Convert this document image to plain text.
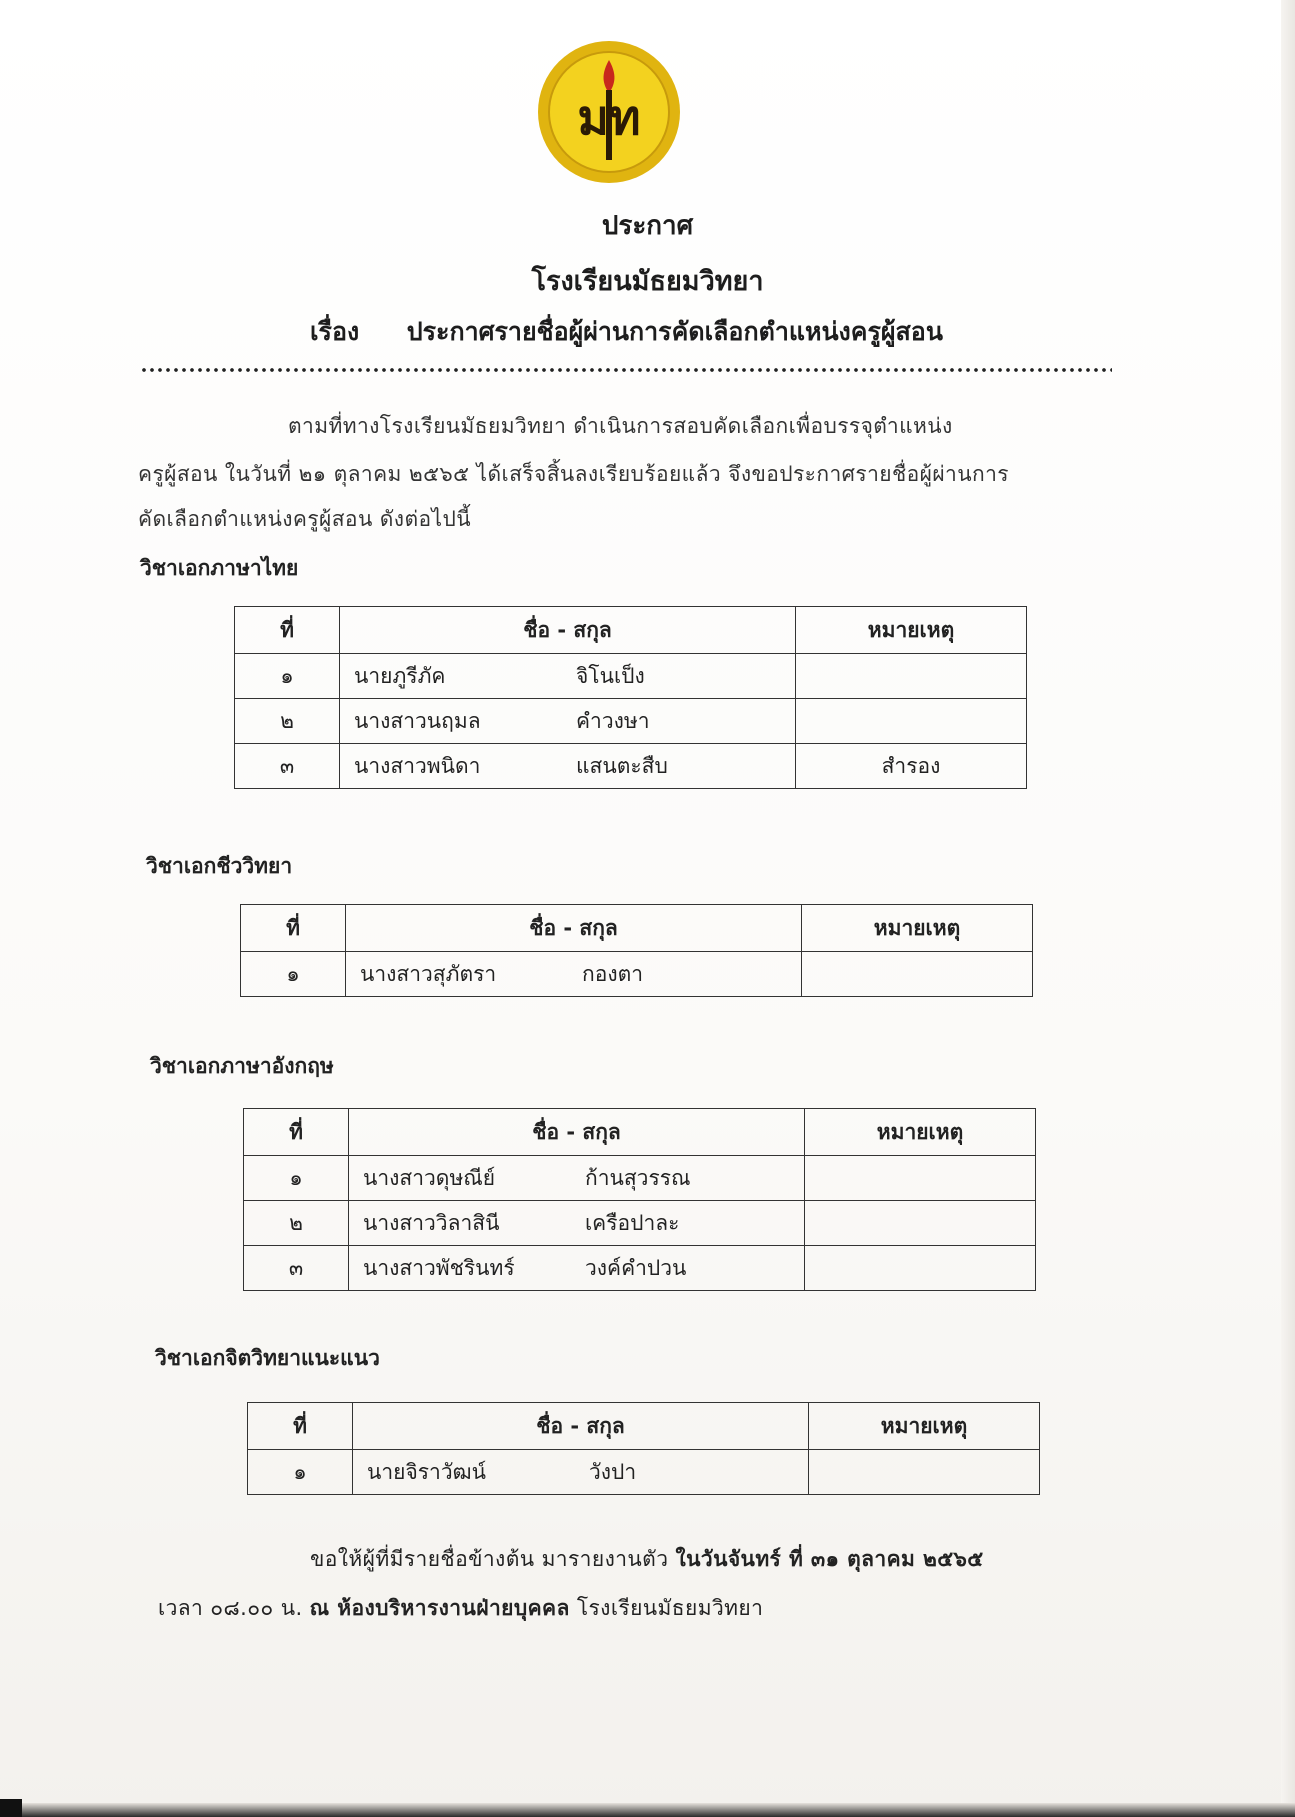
มท
ประกาศ
โรงเรียนมัธยมวิทยา
เรื่อง ประกาศรายชื่อผู้ผ่านการคัดเลือกตำแหน่งครูผู้สอน
ตามที่ทางโรงเรียนมัธยมวิทยา ดำเนินการสอบคัดเลือกเพื่อบรรจุตำแหน่ง
ครูผู้สอน ในวันที่ ๒๑ ตุลาคม ๒๕๖๕ ได้เสร็จสิ้นลงเรียบร้อยแล้ว จึงขอประกาศรายชื่อผู้ผ่านการ
คัดเลือกตำแหน่งครูผู้สอน ดังต่อไปนี้
วิชาเอกภาษาไทย
ที่	ชื่อ - สกุล	หมายเหตุ
๑	นายภูรีภัค จิโนเป็ง	
๒	นางสาวนฤมล คำวงษา	
๓	นางสาวพนิดา แสนตะสืบ	สำรอง
วิชาเอกชีววิทยา
ที่	ชื่อ - สกุล	หมายเหตุ
๑	นางสาวสุภัตรา กองตา	
วิชาเอกภาษาอังกฤษ
ที่	ชื่อ - สกุล	หมายเหตุ
๑	นางสาวดุษณีย์ ก้านสุวรรณ	
๒	นางสาววิลาสินี เครือปาละ	
๓	นางสาวพัชรินทร์ วงค์คำปวน	
วิชาเอกจิตวิทยาแนะแนว
ที่	ชื่อ - สกุล	หมายเหตุ
๑	นายจิราวัฒน์ วังปา	
ขอให้ผู้ที่มีรายชื่อข้างต้น มารายงานตัว ในวันจันทร์ ที่ ๓๑ ตุลาคม ๒๕๖๕
เวลา ๐๘.๐๐ น. ณ ห้องบริหารงานฝ่ายบุคคล โรงเรียนมัธยมวิทยา
